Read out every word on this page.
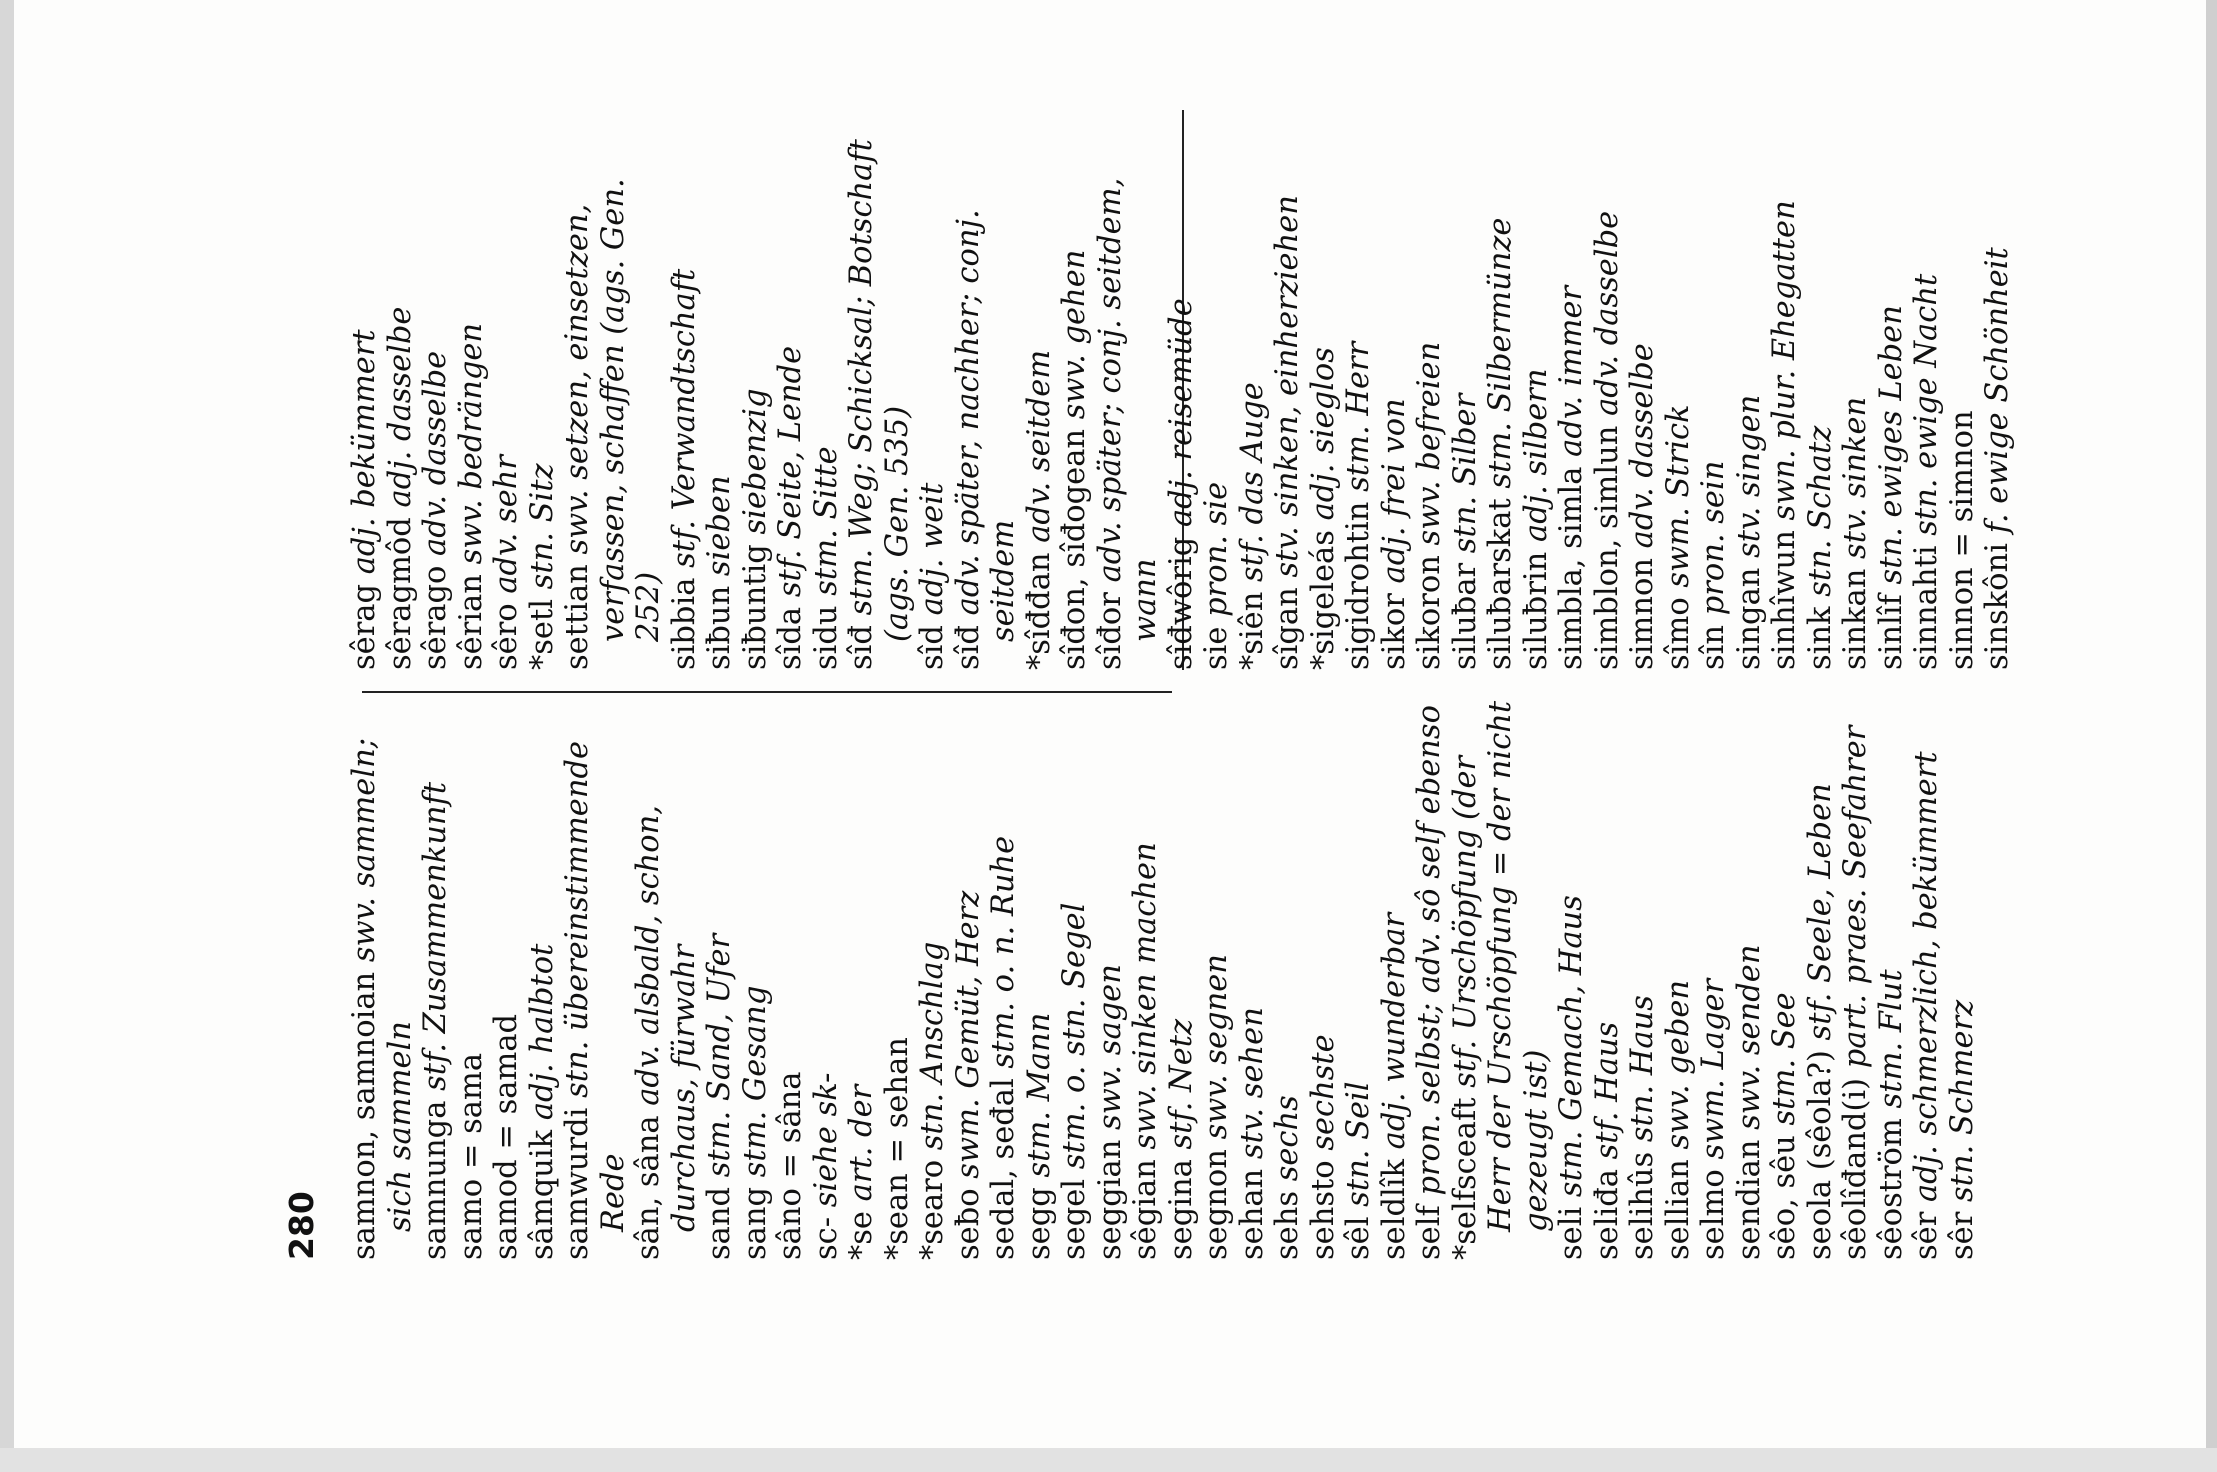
280 samnon, samnoian swv. sammeln; sich sammeln samnunga stf. Zusammenkunft
samo = sama samod = samad sâmquik adj. halbtot
samwurdi stn. übereinstimmende Rede sân, sâna adv. alsbald, schon, durchaus, fürwahr sand stm. Sand, Ufer
sang stm. Gesang sâno = sâna sc- siehe sk-
*se art. der *sean = sehan *searo stn. Anschlag
seƀo swm. Gemüt, Herz sedal, seđal stm. o. n. Ruhe
segg stm. Mann
segel stm. o. stn. Segel
seggian swv. sagen
sêgian swv. sinken machen
segina stf. Netz
segnon swv. segnen
sehan stv. sehen
sehs sechs
sehsto sechste
sêl stn. Seil seldlîk adj. wunderbar
self pron. selbst; adv. sô self ebenso *selfsceaft stf. Urschöpfung (der Herr der Urschöpfung = der nicht gezeugt ist)
seli stm. Gemach, Haus
seliđa stf. Haus
selihûs stn. Haus
sellian swv. geben
selmo swm. Lager
sendian swv. senden
sêo, sêu stm. See seola (sêola?) stf. Seele, Leben
sêolîđand(i) part. praes. Seefahrer
sêoström stm. Flut
sêr adj. schmerzlich, bekümmert
sêr stn. Schmerz
sêrag adj. bekümmert
sêragmôd adj. dasselbe
sêrago adv. dasselbe
sêrian swv. bedrängen
sêro adv. sehr
*setl stn. Sitz
settian swv. setzen, einsetzen, verfassen, schaffen (ags. Gen. 252) sibbia stf. Verwandtschaft
siƀun sieben
siƀuntig siebenzig
sîda stf. Seite, Lende
sidu stm. Sitte
sîđ stm. Weg; Schicksal; Botschaft (ags. Gen. 535)
sîd adj. weit
sîđ adv. später, nachher; conj. seitdem *sîđđan adv. seitdem sîđon, sîđogean swv. gehen
sîđor adv. später; conj. seitdem, wann sîđwôrig adj. reisemüde
sie pron. sie
*siên stf. das Auge
sîgan stv. sinken, einherziehen
*sigeleás adj. sieglos
sigidrohtin stm. Herr
sikor adj. frei von
sikoron swv. befreien
siluƀar stn. Silber
siluƀarskat stm. Silbermünze
siluƀrin adj. silbern
simbla, simla adv. immer
simblon, simlun adv. dasselbe
simnon adv. dasselbe
sîmo swm. Strick
sîn pron. sein singan stv. singen
sinhîwun swn. plur. Ehegatten
sink stn. Schatz
sinkan stv. sinken
sinlîf stn. ewiges Leben
sinnahti stn. ewige Nacht sinnon = simnon sinskôni f. ewige Schönheit
